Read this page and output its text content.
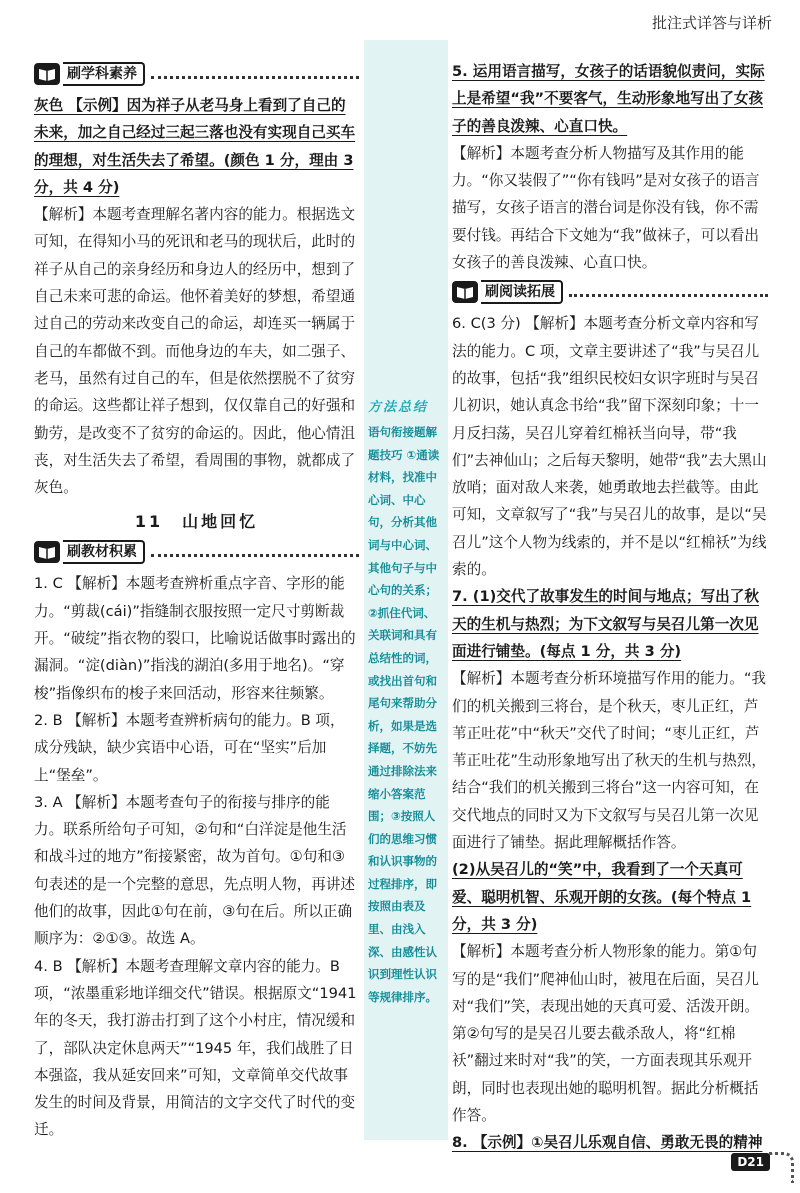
批注式详答与详析
方法总结
语句衔接题解题技巧 ①通读材料，找准中心词、中心句，分析其他词与中心词、其他句子与中心句的关系；②抓住代词、关联词和具有总结性的词，或找出首句和尾句来帮助分析，如果是选择题，不妨先通过排除法来缩小答案范围；③按照人们的思维习惯和认识事物的过程排序，即按照由表及里、由浅入深、由感性认识到理性认识等规律排序。
刷学科素养

灰色 【示例】因为祥子从老马身上看到了自己的未来，加之自己经过三起三落也没有实现自己买车的理想，对生活失去了希望。(颜色 1 分，理由 3 分，共 4 分)

【解析】本题考查理解名著内容的能力。根据选文可知，在得知小马的死讯和老马的现状后，此时的祥子从自己的亲身经历和身边人的经历中，想到了自己未来可悲的命运。他怀着美好的梦想，希望通过自己的劳动来改变自己的命运，却连买一辆属于自己的车都做不到。而他身边的车夫，如二强子、老马，虽然有过自己的车，但是依然摆脱不了贫穷的命运。这些都让祥子想到，仅仅靠自己的好强和勤劳，是改变不了贫穷的命运的。因此，他心情沮丧，对生活失去了希望，看周围的事物，就都成了灰色。

11　山地回忆
刷教材积累

1. C 【解析】本题考查辨析重点字音、字形的能力。“剪裁(cái)”指缝制衣服按照一定尺寸剪断裁开。“破绽”指衣物的裂口，比喻说话做事时露出的漏洞。“淀(diàn)”指浅的湖泊(多用于地名)。“穿梭”指像织布的梭子来回活动，形容来往频繁。

2. B 【解析】本题考查辨析病句的能力。B 项，成分残缺，缺少宾语中心语，可在“坚实”后加上“堡垒”。

3. A 【解析】本题考查句子的衔接与排序的能力。联系所给句子可知，②句和“白洋淀是他生活和战斗过的地方”衔接紧密，故为首句。①句和③句表述的是一个完整的意思，先点明人物，再讲述他们的故事，因此①句在前，③句在后。所以正确顺序为：②①③。故选 A。

4. B 【解析】本题考查理解文章内容的能力。B 项，“浓墨重彩地详细交代”错误。根据原文“1941 年的冬天，我打游击打到了这个小村庄，情况缓和了，部队决定休息两天”“1945 年，我们战胜了日本强盗，我从延安回来”可知，文章简单交代故事发生的时间及背景，用简洁的文字交代了时代的变迁。

5. 运用语言描写，女孩子的话语貌似责问，实际上是希望“我”不要客气，生动形象地写出了女孩子的善良泼辣、心直口快。

【解析】本题考查分析人物描写及其作用的能力。“你又装假了”“你有钱吗”是对女孩子的语言描写，女孩子语言的潜台词是你没有钱，你不需要付钱。再结合下文她为“我”做袜子，可以看出女孩子的善良泼辣、心直口快。

刷阅读拓展

6. C(3 分) 【解析】本题考查分析文章内容和写法的能力。C 项，文章主要讲述了“我”与吴召儿的故事，包括“我”组织民校妇女识字班时与吴召儿初识，她认真念书给“我”留下深刻印象；十一月反扫荡，吴召儿穿着红棉袄当向导，带“我们”去神仙山；之后每天黎明，她带“我”去大黑山放哨；面对敌人来袭，她勇敢地去拦截等。由此可知，文章叙写了“我”与吴召儿的故事，是以“吴召儿”这个人物为线索的，并不是以“红棉袄”为线索的。

7. (1)交代了故事发生的时间与地点；写出了秋天的生机与热烈；为下文叙写与吴召儿第一次见面进行铺垫。(每点 1 分，共 3 分)

【解析】本题考查分析环境描写作用的能力。“我们的机关搬到三将台，是个秋天，枣儿正红，芦苇正吐花”中“秋天”交代了时间；“枣儿正红，芦苇正吐花”生动形象地写出了秋天的生机与热烈，结合“我们的机关搬到三将台”这一内容可知，在交代地点的同时又为下文叙写与吴召儿第一次见面进行了铺垫。据此理解概括作答。

(2)从吴召儿的“笑”中，我看到了一个天真可爱、聪明机智、乐观开朗的女孩。(每个特点 1 分，共 3 分)

【解析】本题考查分析人物形象的能力。第①句写的是“我们”爬神仙山时，被甩在后面，吴召儿对“我们”笑，表现出她的天真可爱、活泼开朗。第②句写的是吴召儿要去截杀敌人，将“红棉袄”翻过来时对“我”的笑，一方面表现其乐观开朗，同时也表现出她的聪明机智。据此分析概括作答。

8. 【示例】①吴召儿乐观自信、勇敢无畏的精神

D21
